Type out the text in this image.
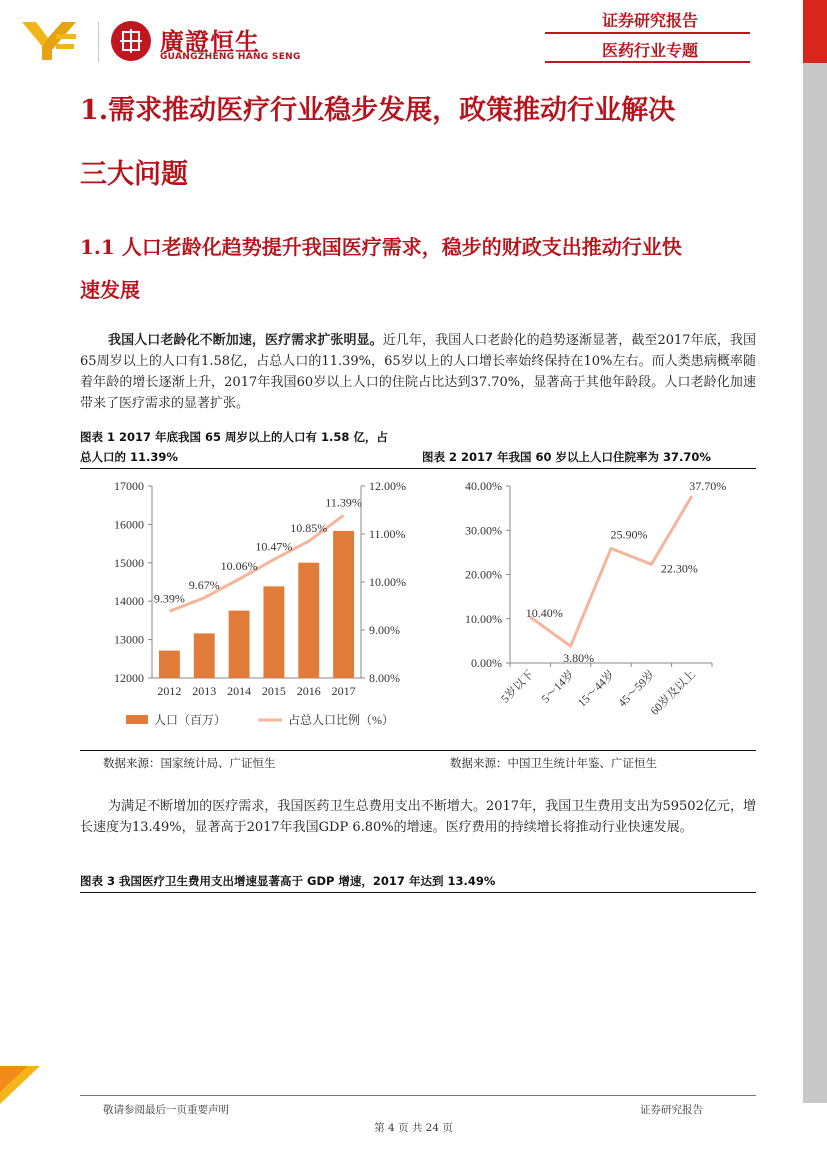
廣證恒生
GUANGZHENG HANG SENG
证券研究报告
医药行业专题
1.需求推动医疗行业稳步发展，政策推动行业解决
三大问题
1.1 人口老龄化趋势提升我国医疗需求，稳步的财政支出推动行业快
速发展
我国人口老龄化不断加速，医疗需求扩张明显。近几年，我国人口老龄化的趋势逐渐显著，截至2017年底，我国65周岁以上的人口有1.58亿，占总人口的11.39%，65岁以上的人口增长率始终保持在10%左右。而人类患病概率随着年龄的增长逐渐上升，2017年我国60岁以上人口的住院占比达到37.70%，显著高于其他年龄段。人口老龄化加速带来了医疗需求的显著扩张。
图表 1 2017 年底我国 65 周岁以上的人口有 1.58 亿，占
总人口的 11.39%	图表 2 2017 年我国 60 岁以上人口住院率为 37.70%
12000
13000
14000
15000
16000
17000
8.00%
9.00%
10.00%
11.00%
12.00%
2012 2013 2014 2015 2016 2017
9.39%
9.67%
10.06%
10.47%
10.85%
11.39%
人口（百万）	占总人口比例（%）
0.00%
10.00%
20.00%
30.00%
40.00%
5岁以下 5～14岁 15～44岁 45～59岁
60岁及以上
10.40%
3.80%
25.90%
22.30%
37.70%
数据来源：国家统计局、广证恒生	数据来源：中国卫生统计年鉴、广证恒生
为满足不断增加的医疗需求，我国医药卫生总费用支出不断增大。2017年，我国卫生费用支出为59502亿元，增长速度为13.49%，显著高于2017年我国GDP 6.80%的增速。医疗费用的持续增长将推动行业快速发展。
图表 3 我国医疗卫生费用支出增速显著高于 GDP 增速，2017 年达到 13.49%
敬请参阅最后一页重要声明	证券研究报告
第 4 页 共 24 页
